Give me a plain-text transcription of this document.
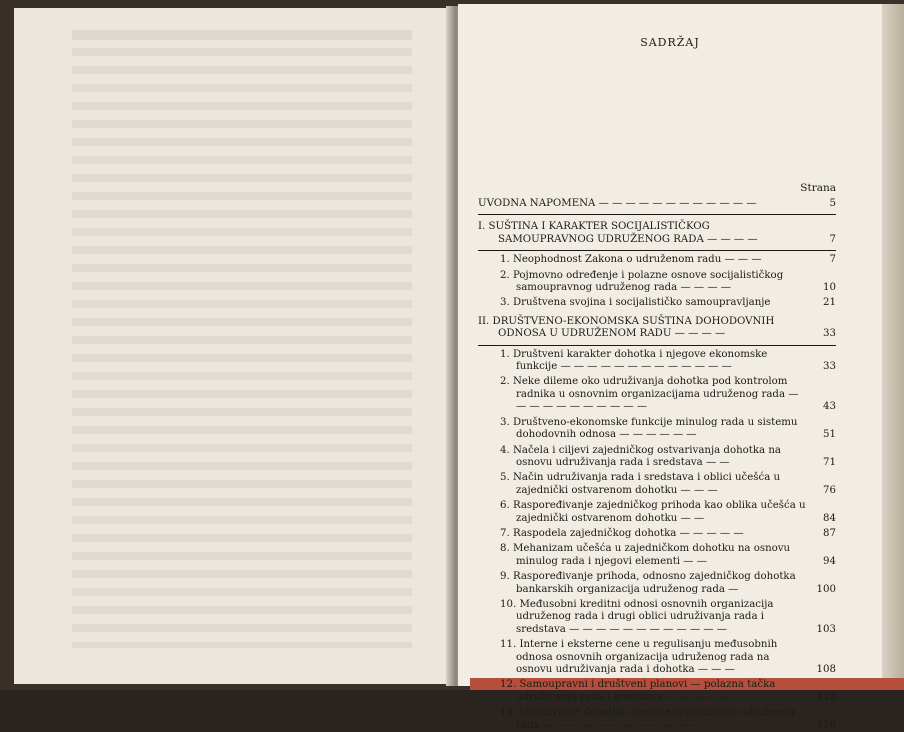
SADRŽAJ
Strana
UVODNA NAPOMENA — — — — — — — — — — — —	5
I. SUŠTINA I KARAKTER SOCIJALISTIČKOG SAMOUPRAVNOG UDRUŽENOG RADA — — — —	7
1. Neophodnost Zakona o udruženom radu — — —	7
2. Pojmovno određenje i polazne osnove socijalističkog samoupravnog udruženog rada — — — —	10
3. Društvena svojina i socijalističko samoupravljanje	21
II. DRUŠTVENO-EKONOMSKA SUŠTINA DOHODOVNIH ODNOSA U UDRUŽENOM RADU — — — —	33
1. Društveni karakter dohotka i njegove ekonomske funkcije — — — — — — — — — — — — —	33
2. Neke dileme oko udruživanja dohotka pod kontrolom radnika u osnovnim organizacijama udruženog rada — — — — — — — — — — —	43
3. Društveno-ekonomske funkcije minulog rada u sistemu dohodovnih odnosa — — — — — —	51
4. Načela i ciljevi zajedničkog ostvarivanja dohotka na osnovu udruživanja rada i sredstava — —	71
5. Način udruživanja rada i sredstava i oblici učešća u zajednički ostvarenom dohotku — — —	76
6. Raspoređivanje zajedničkog prihoda kao oblika učešća u zajednički ostvarenom dohotku — —	84
7. Raspodela zajedničkog dohotka — — — — —	87
8. Mehanizam učešća u zajedničkom dohotku na osnovu minulog rada i njegovi elementi — —	94
9. Raspoređivanje prihoda, odnosno zajedničkog dohotka bankarskih organizacija udruženog rada —	100
10. Međusobni kreditni odnosi osnovnih organizacija udruženog rada i drugi oblici udruživanja rada i sredstava — — — — — — — — — — — —	103
11. Interne i eksterne cene u regulisanju međusobnih odnosa osnovnih organizacija udruženog rada na osnovu udruživanja rada i dohotka — — —	108
12. Samoupravni i društveni planovi — polazna tačka udruživanja rada i sredstava — — — — —	113
13. Utvrđivanje dohotka osnovne organizacije udruženog rada — — — — — — — — — — — —	116
